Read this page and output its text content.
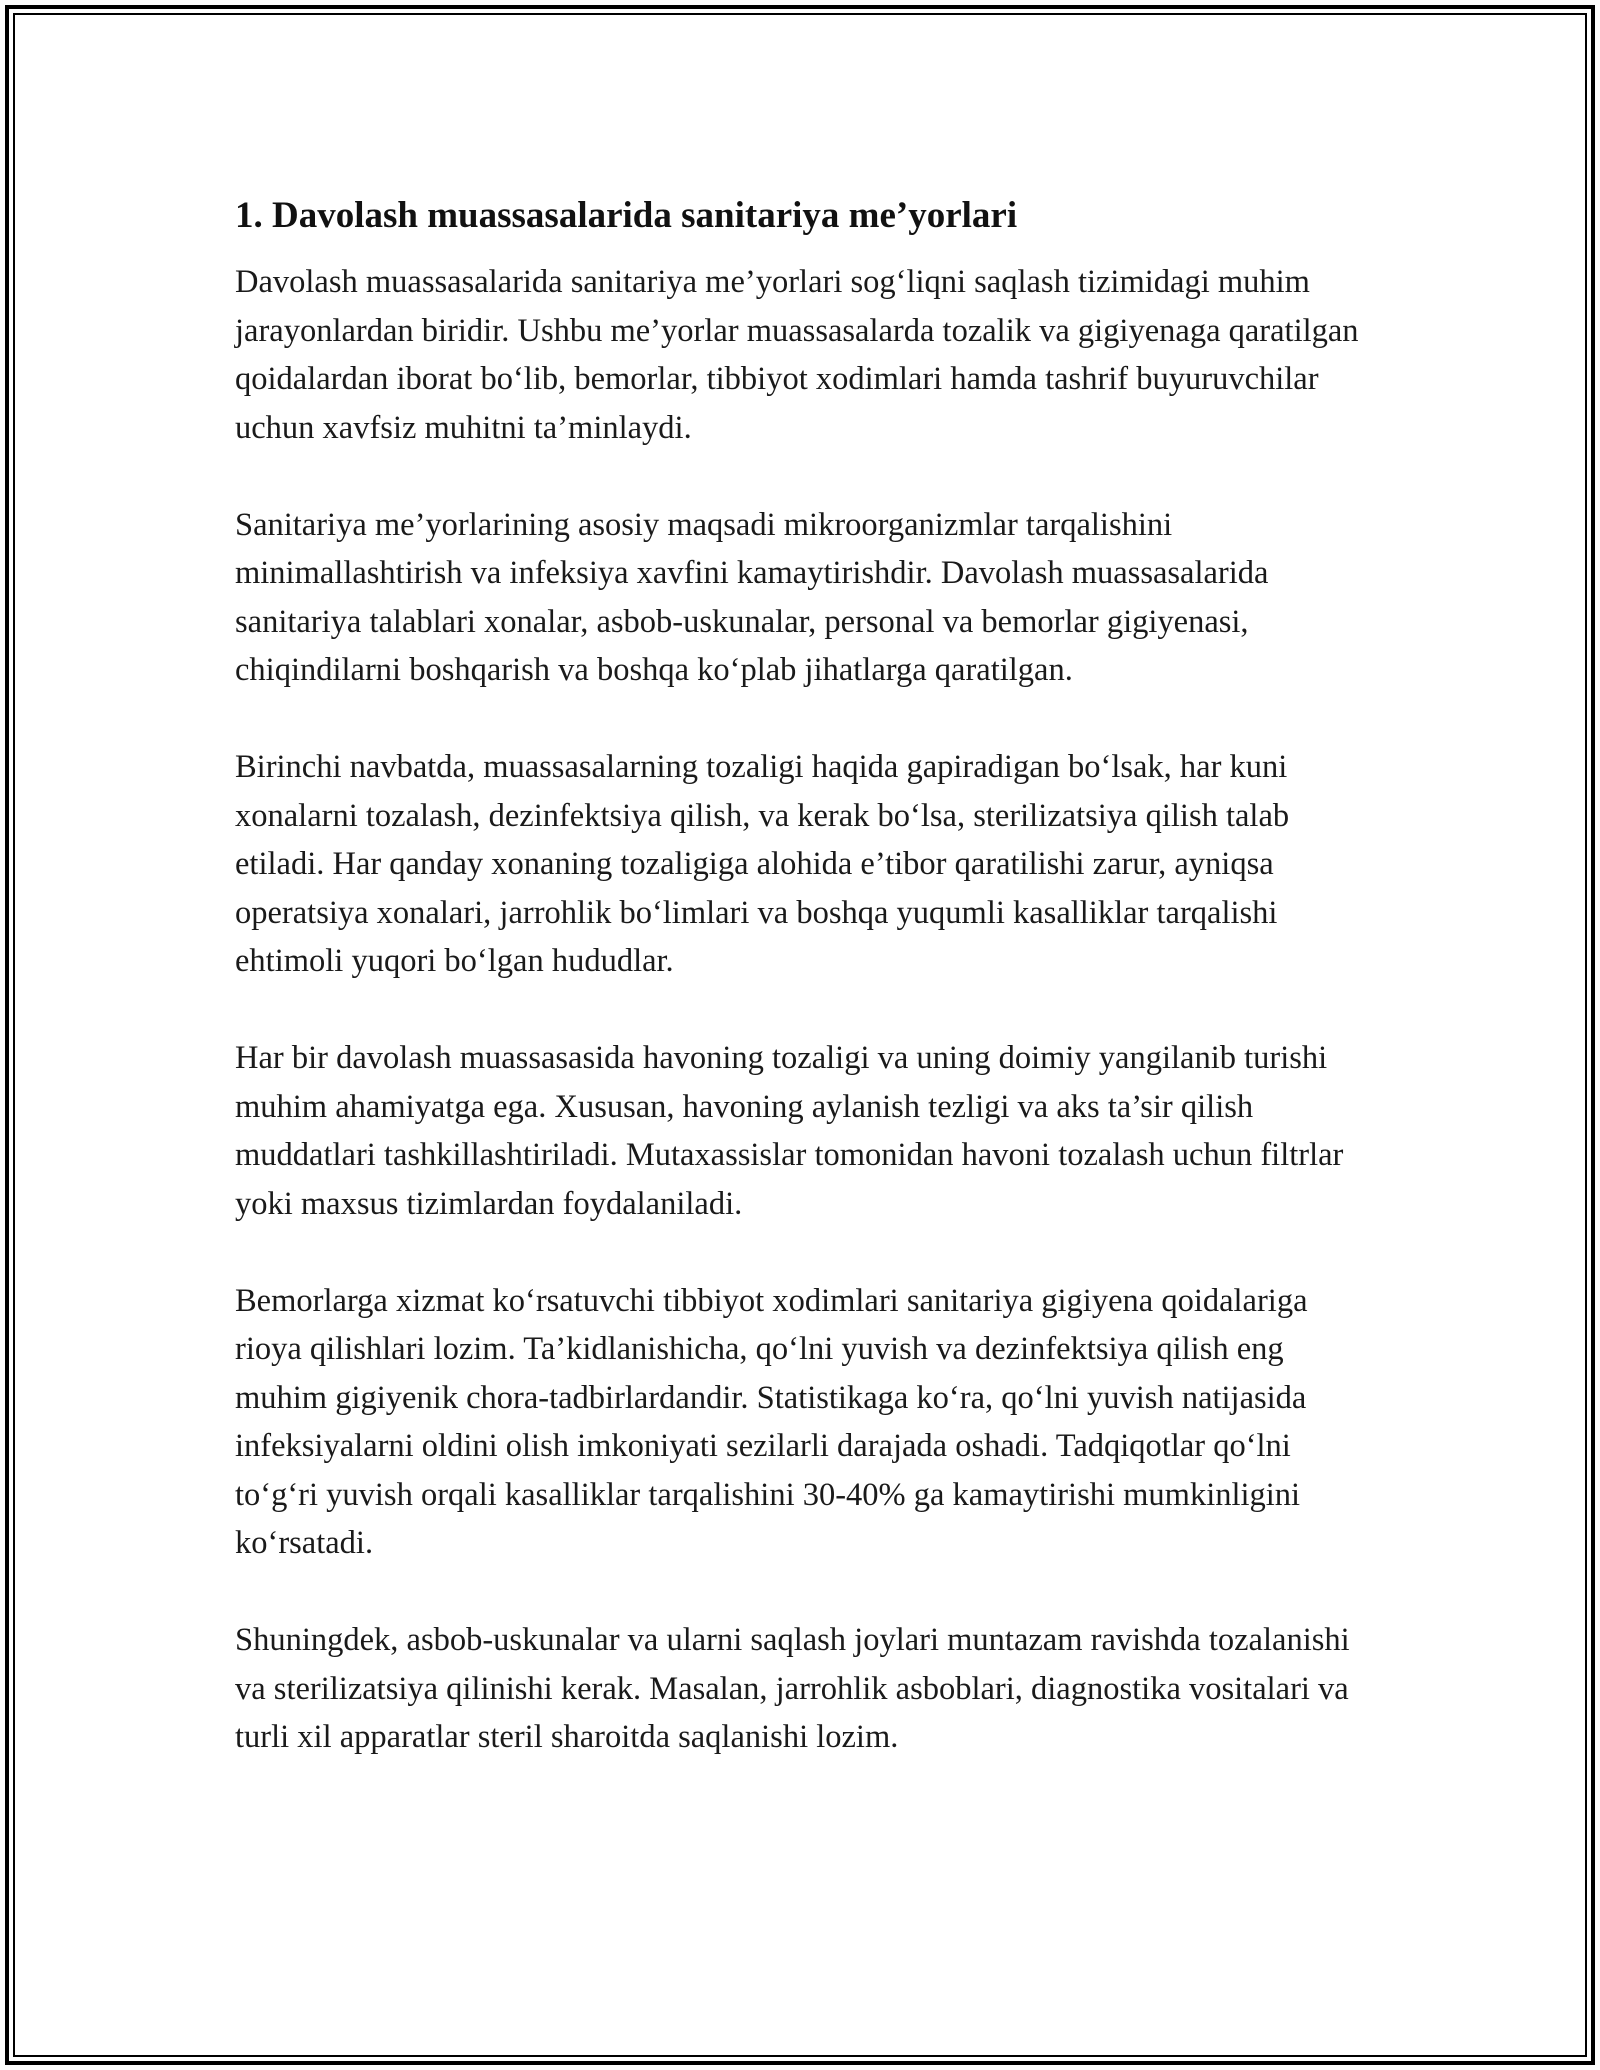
1. Davolash muassasalarida sanitariya me’yorlari

Davolash muassasalarida sanitariya me’yorlari sog‘liqni saqlash tizimidagi muhim jarayonlardan biridir. Ushbu me’yorlar muassasalarda tozalik va gigiyenaga qaratilgan qoidalardan iborat bo‘lib, bemorlar, tibbiyot xodimlari hamda tashrif buyuruvchilar uchun xavfsiz muhitni ta’minlaydi.

Sanitariya me’yorlarining asosiy maqsadi mikroorganizmlar tarqalishini minimallashtirish va infeksiya xavfini kamaytirishdir. Davolash muassasalarida sanitariya talablari xonalar, asbob-uskunalar, personal va bemorlar gigiyenasi, chiqindilarni boshqarish va boshqa ko‘plab jihatlarga qaratilgan.

Birinchi navbatda, muassasalarning tozaligi haqida gapiradigan bo‘lsak, har kuni xonalarni tozalash, dezinfektsiya qilish, va kerak bo‘lsa, sterilizatsiya qilish talab etiladi. Har qanday xonaning tozaligiga alohida e’tibor qaratilishi zarur, ayniqsa operatsiya xonalari, jarrohlik bo‘limlari va boshqa yuqumli kasalliklar tarqalishi ehtimoli yuqori bo‘lgan hududlar.

Har bir davolash muassasasida havoning tozaligi va uning doimiy yangilanib turishi muhim ahamiyatga ega. Xususan, havoning aylanish tezligi va aks ta’sir qilish muddatlari tashkillashtiriladi. Mutaxassislar tomonidan havoni tozalash uchun filtrlar yoki maxsus tizimlardan foydalaniladi.

Bemorlarga xizmat ko‘rsatuvchi tibbiyot xodimlari sanitariya gigiyena qoidalariga rioya qilishlari lozim. Ta’kidlanishicha, qo‘lni yuvish va dezinfektsiya qilish eng muhim gigiyenik chora-tadbirlardandir. Statistikaga ko‘ra, qo‘lni yuvish natijasida infeksiyalarni oldini olish imkoniyati sezilarli darajada oshadi. Tadqiqotlar qo‘lni to‘g‘ri yuvish orqali kasalliklar tarqalishini 30-40% ga kamaytirishi mumkinligini ko‘rsatadi.

Shuningdek, asbob-uskunalar va ularni saqlash joylari muntazam ravishda tozalanishi va sterilizatsiya qilinishi kerak. Masalan, jarrohlik asboblari, diagnostika vositalari va turli xil apparatlar steril sharoitda saqlanishi lozim.
